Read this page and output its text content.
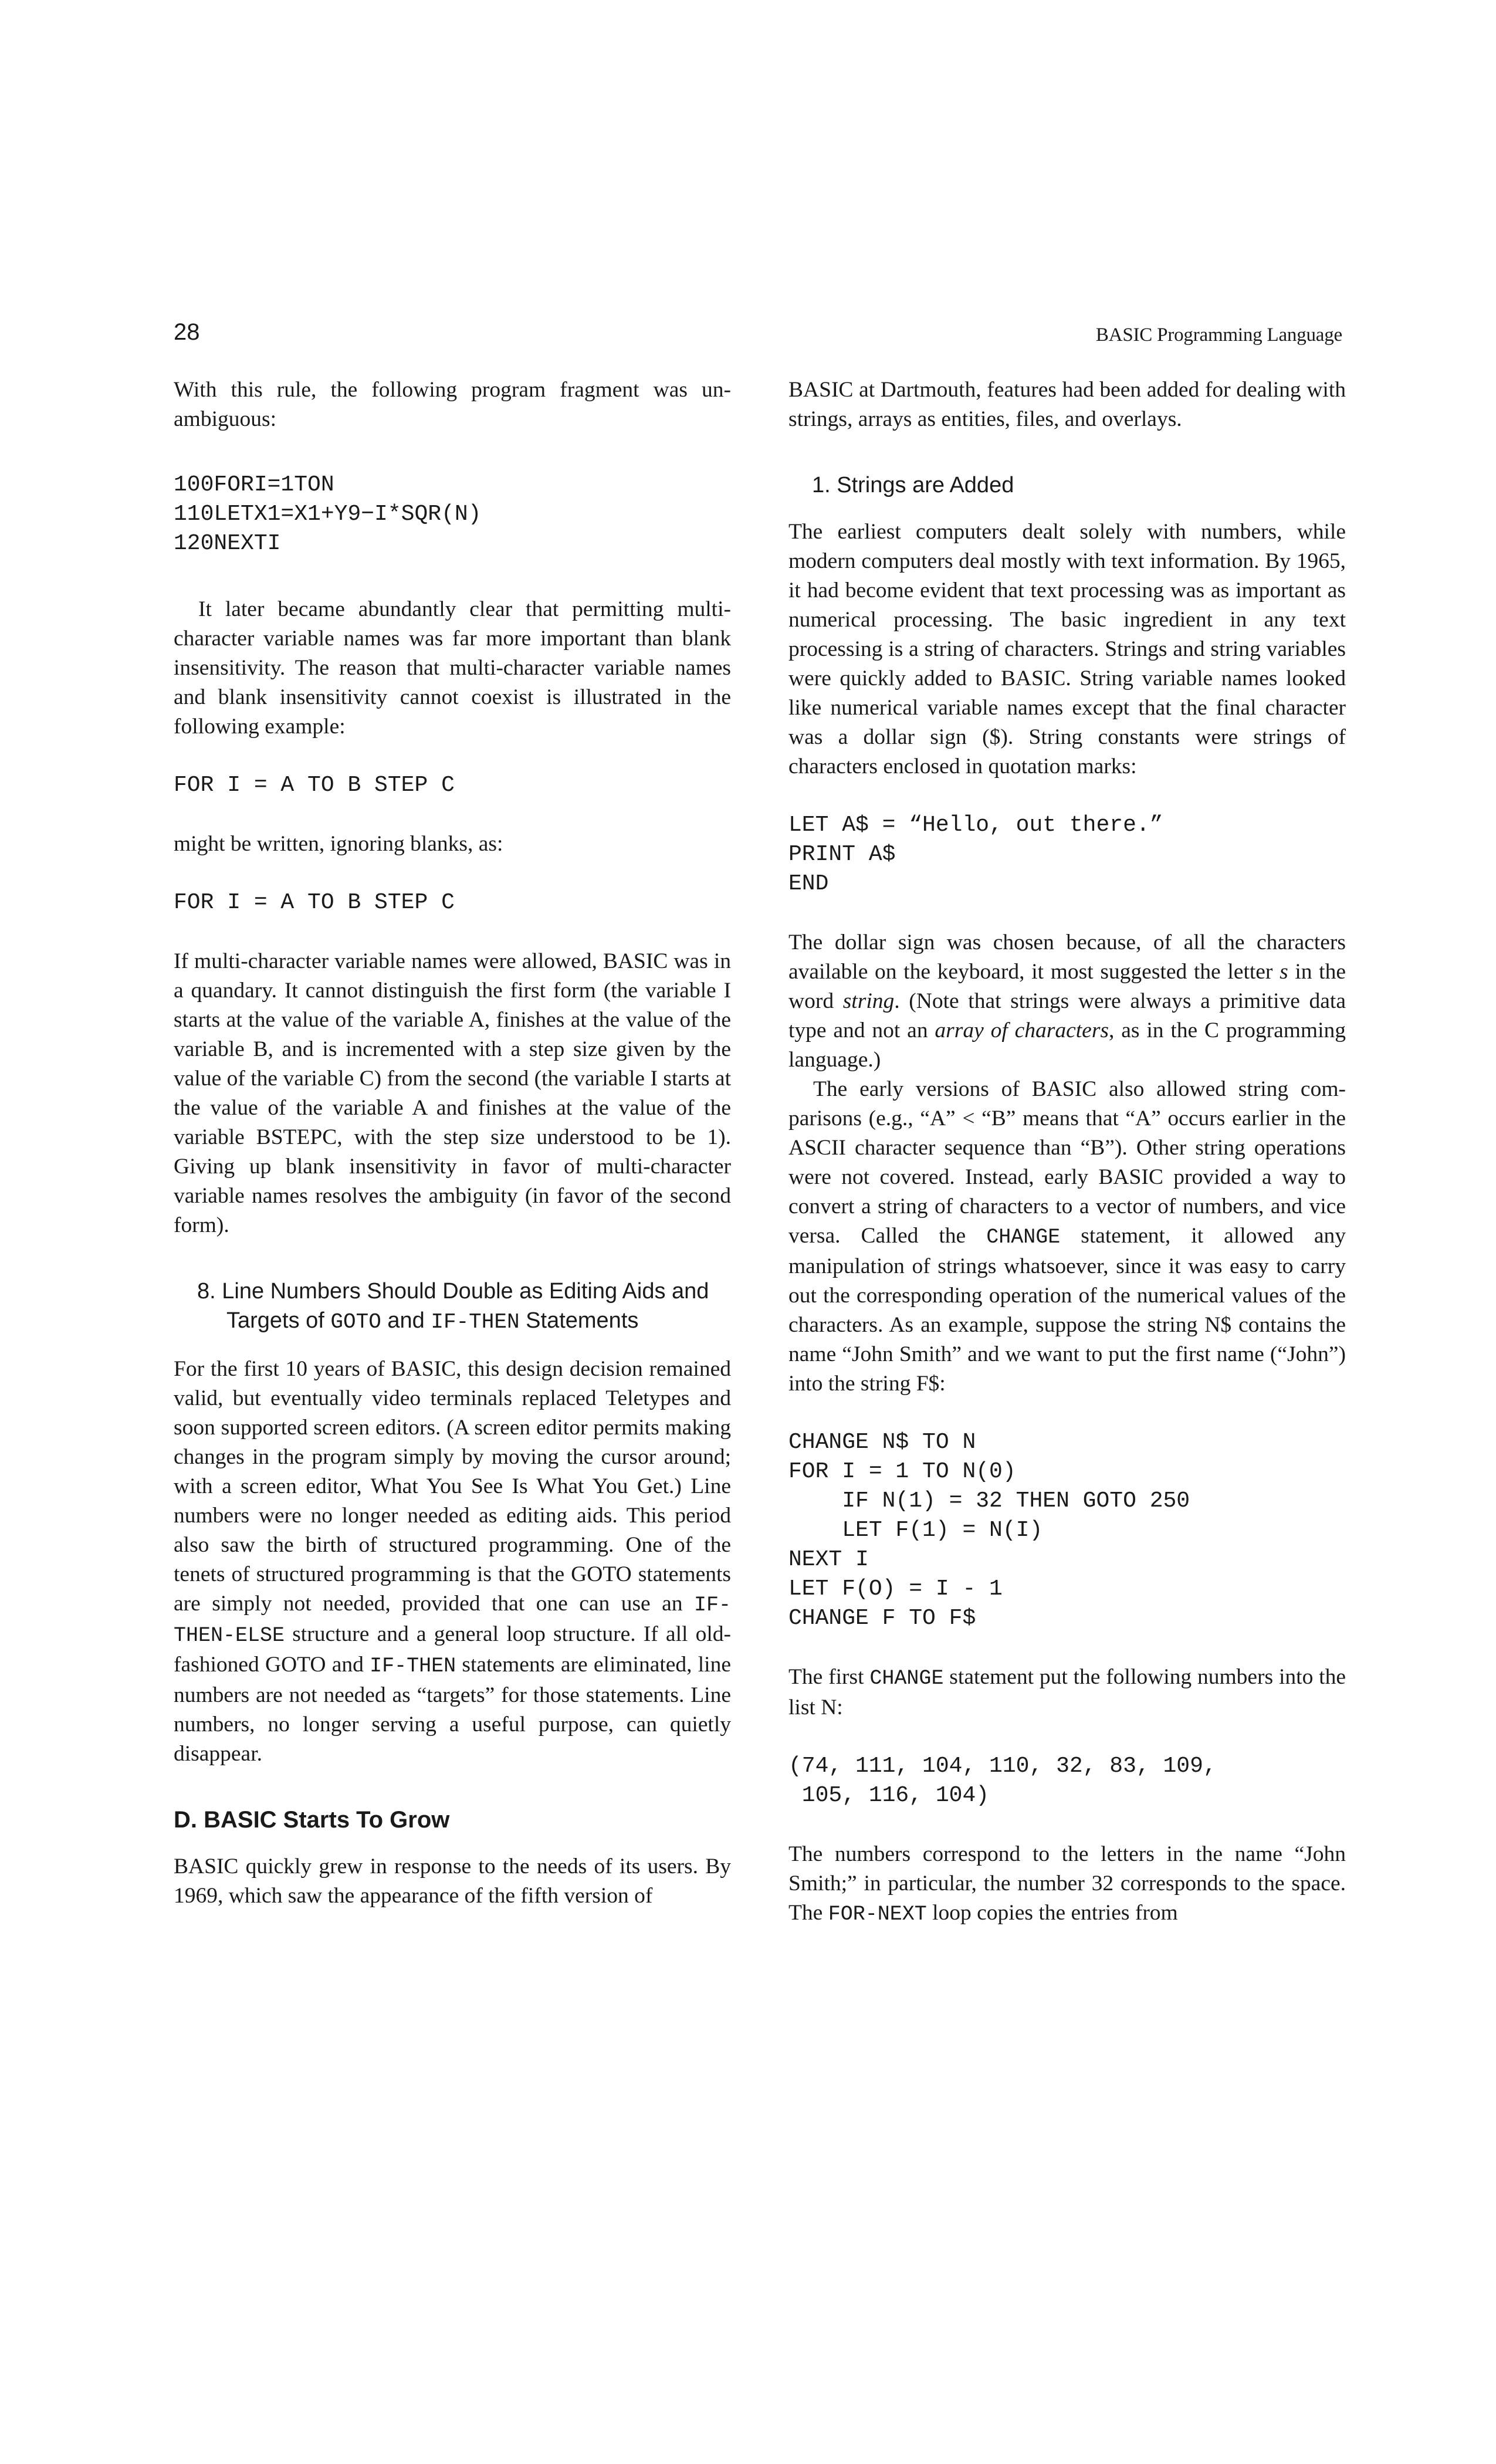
28	BASIC Programming Language

With this rule, the following program fragment was unambiguous:

100FORI=1TON
110LETX1=X1+Y9−I*SQR(N)
120NEXTI

It later became abundantly clear that permitting multicharacter variable names was far more important than blank insensitivity. The reason that multi-character variable names and blank insensitivity cannot coexist is illustrated in the following example:

FOR I = A TO B STEP C

might be written, ignoring blanks, as:

FOR I = A TO B STEP C

If multi-character variable names were allowed, BASIC was in a quandary. It cannot distinguish the first form (the variable I starts at the value of the variable A, finishes at the value of the variable B, and is incremented with a step size given by the value of the variable C) from the second (the variable I starts at the value of the variable A and finishes at the value of the variable BSTEPC, with the step size understood to be 1). Giving up blank insensitivity in favor of multi-character variable names resolves the ambiguity (in favor of the second form).

8. Line Numbers Should Double as Editing Aids and Targets of GOTO and IF-THEN Statements

For the first 10 years of BASIC, this design decision remained valid, but eventually video terminals replaced Teletypes and soon supported screen editors. (A screen editor permits making changes in the program simply by moving the cursor around; with a screen editor, What You See Is What You Get.) Line numbers were no longer needed as editing aids. This period also saw the birth of structured programming. One of the tenets of structured programming is that the GOTO statements are simply not needed, provided that one can use an IF-THEN-ELSE structure and a general loop structure. If all old-fashioned GOTO and IF-THEN statements are eliminated, line numbers are not needed as “targets” for those statements. Line numbers, no longer serving a useful purpose, can quietly disappear.

D. BASIC Starts To Grow

BASIC quickly grew in response to the needs of its users. By 1969, which saw the appearance of the fifth version of

BASIC at Dartmouth, features had been added for dealing with strings, arrays as entities, files, and overlays.

1. Strings are Added

The earliest computers dealt solely with numbers, while modern computers deal mostly with text information. By 1965, it had become evident that text processing was as important as numerical processing. The basic ingredient in any text processing is a string of characters. Strings and string variables were quickly added to BASIC. String variable names looked like numerical variable names except that the final character was a dollar sign ($). String constants were strings of characters enclosed in quotation marks:

LET A$ = “Hello, out there.”
PRINT A$
END

The dollar sign was chosen because, of all the characters available on the keyboard, it most suggested the letter s in the word string. (Note that strings were always a primitive data type and not an array of characters, as in the C programming language.)

The early versions of BASIC also allowed string comparisons (e.g., “A” < “B” means that “A” occurs earlier in the ASCII character sequence than “B”). Other string operations were not covered. Instead, early BASIC provided a way to convert a string of characters to a vector of numbers, and vice versa. Called the CHANGE statement, it allowed any manipulation of strings whatsoever, since it was easy to carry out the corresponding operation of the numerical values of the characters. As an example, suppose the string N$ contains the name “John Smith” and we want to put the first name (“John”) into the string F$:

CHANGE N$ TO N
FOR I = 1 TO N(0)
IF N(1) = 32 THEN GOTO 250
LET F(1) = N(I)
NEXT I
LET F(O) = I - 1
CHANGE F TO F$

The first CHANGE statement put the following numbers into the list N:

(74, 111, 104, 110, 32, 83, 109,
105, 116, 104)

The numbers correspond to the letters in the name “John Smith;” in particular, the number 32 corresponds to the space. The FOR-NEXT loop copies the entries from
